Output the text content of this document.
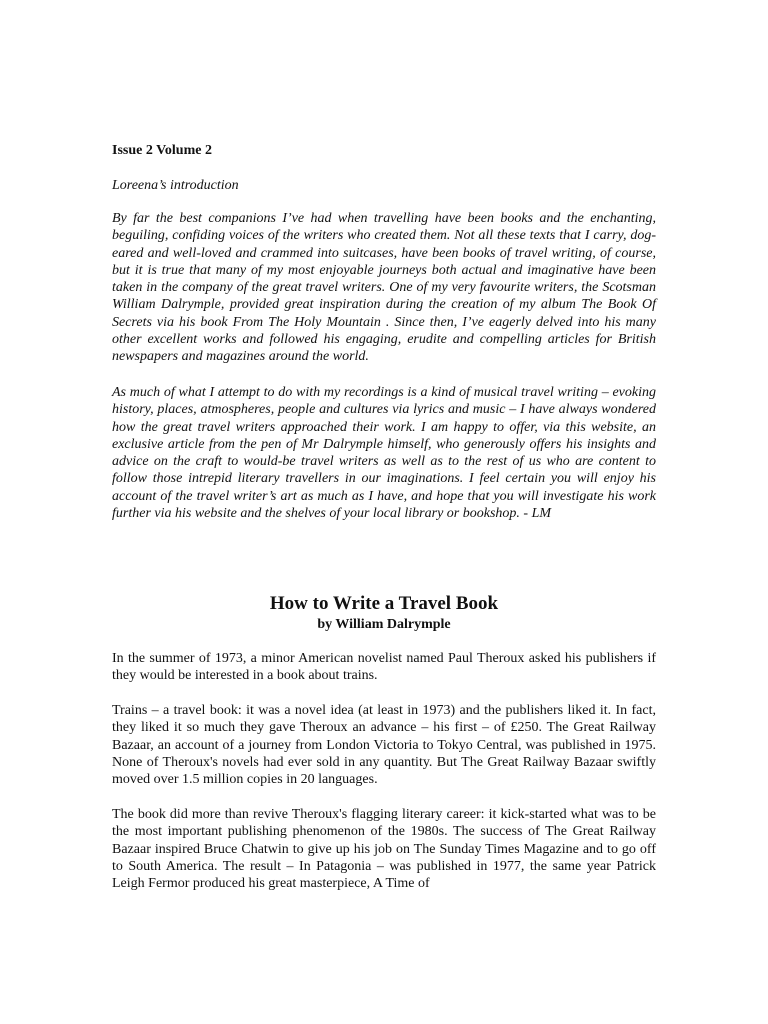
Issue 2 Volume 2

Loreena’s introduction

By far the best companions I’ve had when travelling have been books and the enchanting, beguiling, confiding voices of the writers who created them. Not all these texts that I carry, dog-eared and well-loved and crammed into suitcases, have been books of travel writing, of course, but it is true that many of my most enjoyable journeys both actual and imaginative have been taken in the company of the great travel writers. One of my very favourite writers, the Scotsman William Dalrymple, provided great inspiration during the creation of my album The Book Of Secrets via his book From The Holy Mountain . Since then, I’ve eagerly delved into his many other excellent works and followed his engaging, erudite and compelling articles for British newspapers and magazines around the world.

As much of what I attempt to do with my recordings is a kind of musical travel writing – evoking history, places, atmospheres, people and cultures via lyrics and music – I have always wondered how the great travel writers approached their work. I am happy to offer, via this website, an exclusive article from the pen of Mr Dalrymple himself, who generously offers his insights and advice on the craft to would-be travel writers as well as to the rest of us who are content to follow those intrepid literary travellers in our imaginations. I feel certain you will enjoy his account of the travel writer’s art as much as I have, and hope that you will investigate his work further via his website and the shelves of your local library or bookshop. - LM

How to Write a Travel Book

by William Dalrymple

In the summer of 1973, a minor American novelist named Paul Theroux asked his publishers if they would be interested in a book about trains.

Trains – a travel book: it was a novel idea (at least in 1973) and the publishers liked it. In fact, they liked it so much they gave Theroux an advance – his first – of £250. The Great Railway Bazaar, an account of a journey from London Victoria to Tokyo Central, was published in 1975. None of Theroux's novels had ever sold in any quantity. But The Great Railway Bazaar swiftly moved over 1.5 million copies in 20 languages.

The book did more than revive Theroux's flagging literary career: it kick-started what was to be the most important publishing phenomenon of the 1980s. The success of The Great Railway Bazaar inspired Bruce Chatwin to give up his job on The Sunday Times Magazine and to go off to South America. The result – In Patagonia – was published in 1977, the same year Patrick Leigh Fermor produced his great masterpiece, A Time of
